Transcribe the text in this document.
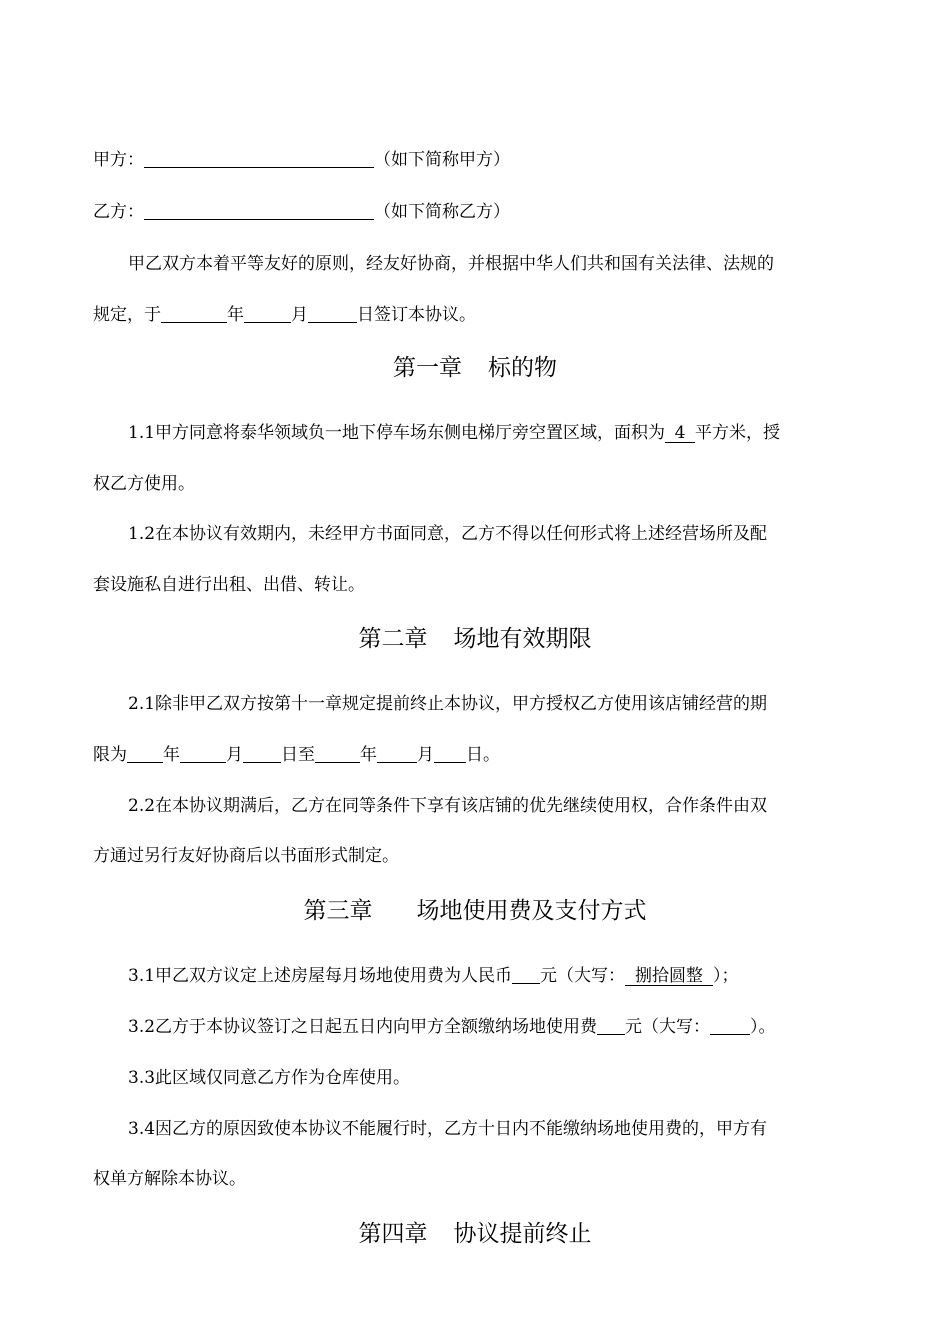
甲方：	（如下简称甲方）
乙方：	（如下简称乙方）
甲乙双方本着平等友好的原则，经友好协商，并根据中华人们共和国有关法律、法规的
规定，于	年	月	日签订本协议。
第一章 标的物
1.1甲方同意将泰华领域负一地下停车场东侧电梯厅旁空置区域，面积为 4 平方米，授
权乙方使用。
1.2在本协议有效期内，未经甲方书面同意，乙方不得以任何形式将上述经营场所及配
套设施私自进行出租、出借、转让。
第二章 场地有效期限
2.1除非甲乙双方按第十一章规定提前终止本协议，甲方授权乙方使用该店铺经营的期
限为 年	月 日至	年 月 日。
2.2在本协议期满后，乙方在同等条件下享有该店铺的优先继续使用权，合作条件由双
方通过另行友好协商后以书面形式制定。
第三章 场地使用费及支付方式
3.1甲乙双方议定上述房屋每月场地使用费为人民币 元（大写： 捌拾圆整 ）；
3.2乙方于本协议签订之日起五日内向甲方全额缴纳场地使用费 元（大写： ）。
3.3此区域仅同意乙方作为仓库使用。
3.4因乙方的原因致使本协议不能履行时，乙方十日内不能缴纳场地使用费的，甲方有
权单方解除本协议。
第四章 协议提前终止
